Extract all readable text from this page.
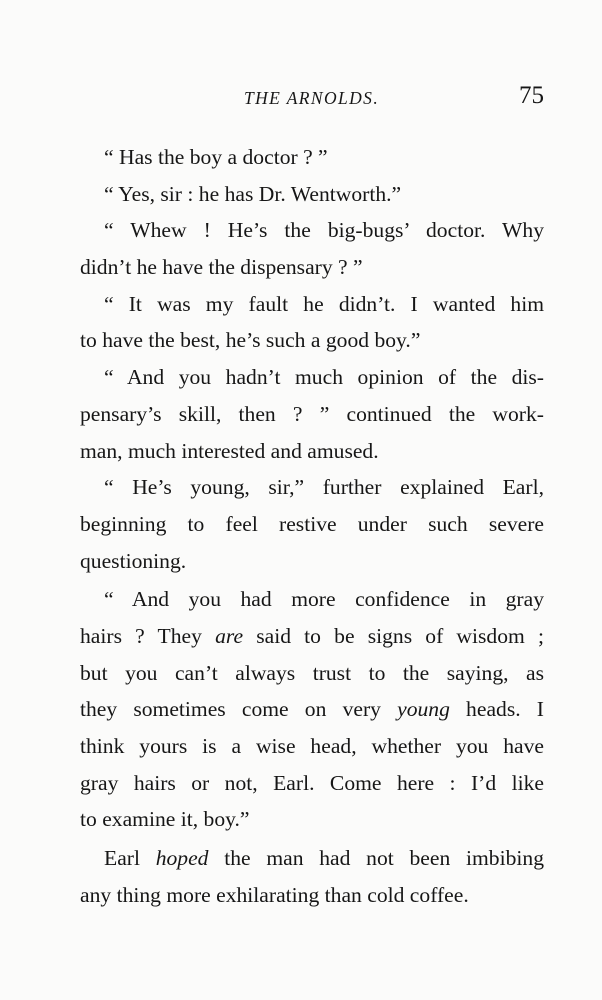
THE ARNOLDS.	75
“ Has the boy a doctor ? ”
“ Yes, sir : he has Dr. Wentworth.”
“ Whew ! He’s the big-bugs’ doctor. Why
didn’t he have the dispensary ? ”
“ It was my fault he didn’t. I wanted him
to have the best, he’s such a good boy.”
“ And you hadn’t much opinion of the dis-
pensary’s skill, then ? ” continued the work-
man, much interested and amused.
“ He’s young, sir,” further explained Earl,
beginning to feel restive under such severe
questioning.
“ And you had more confidence in gray
hairs ? They are said to be signs of wisdom ;
but you can’t always trust to the saying, as
they sometimes come on very young heads. I
think yours is a wise head, whether you have
gray hairs or not, Earl. Come here : I’d like
to examine it, boy.”
Earl hoped the man had not been imbibing
any thing more exhilarating than cold coffee.
